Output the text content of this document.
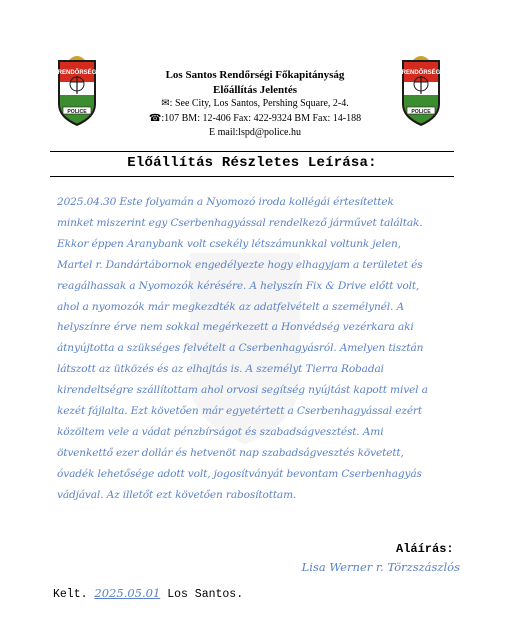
RENDŐRSÉG
POLICE
RENDŐRSÉG
POLICE
Los Santos Rendőrségi Főkapitányság
Előállítás Jelentés
✉: See City, Los Santos, Pershing Square, 2-4.
☎:107 BM: 12-406 Fax: 422-9324 BM Fax: 14-188
E mail:lspd@police.hu
Előállítás Részletes Leírása:
2025.04.30 Este folyamán a Nyomozó iroda kollégái értesítettek
minket miszerint egy Cserbenhagyással rendelkező járművet találtak.
Ekkor éppen Aranybank volt csekély létszámunkkal voltunk jelen,
Martel r. Dandártábornok engedélyezte hogy elhagyjam a területet és
reagálhassak a Nyomozók kérésére. A helyszín Fix & Drive előtt volt,
ahol a nyomozók már megkezdték az adatfelvételt a személynél. A
helyszínre érve nem sokkal megérkezett a Honvédség vezérkara aki
átnyújtotta a szükséges felvételt a Cserbenhagyásról. Amelyen tisztán
látszott az ütközés és az elhajtás is. A személyt Tierra Robadai
kirendeltségre szállítottam ahol orvosi segítség nyújtást kapott mivel a
kezét fájlalta. Ezt követően már egyetértett a Cserbenhagyással ezért
közöltem vele a vádat pénzbírságot és szabadságvesztést. Ami
ötvenkettő ezer dollár és hetvenöt nap szabadságvesztés követett,
óvadék lehetősége adott volt, jogosítványát bevontam Cserbenhagyás
vádjával. Az illetőt ezt követően rabosítottam.
Aláírás:
Lisa Werner r. Törzszászlós
Kelt. 2025.05.01 Los Santos.
